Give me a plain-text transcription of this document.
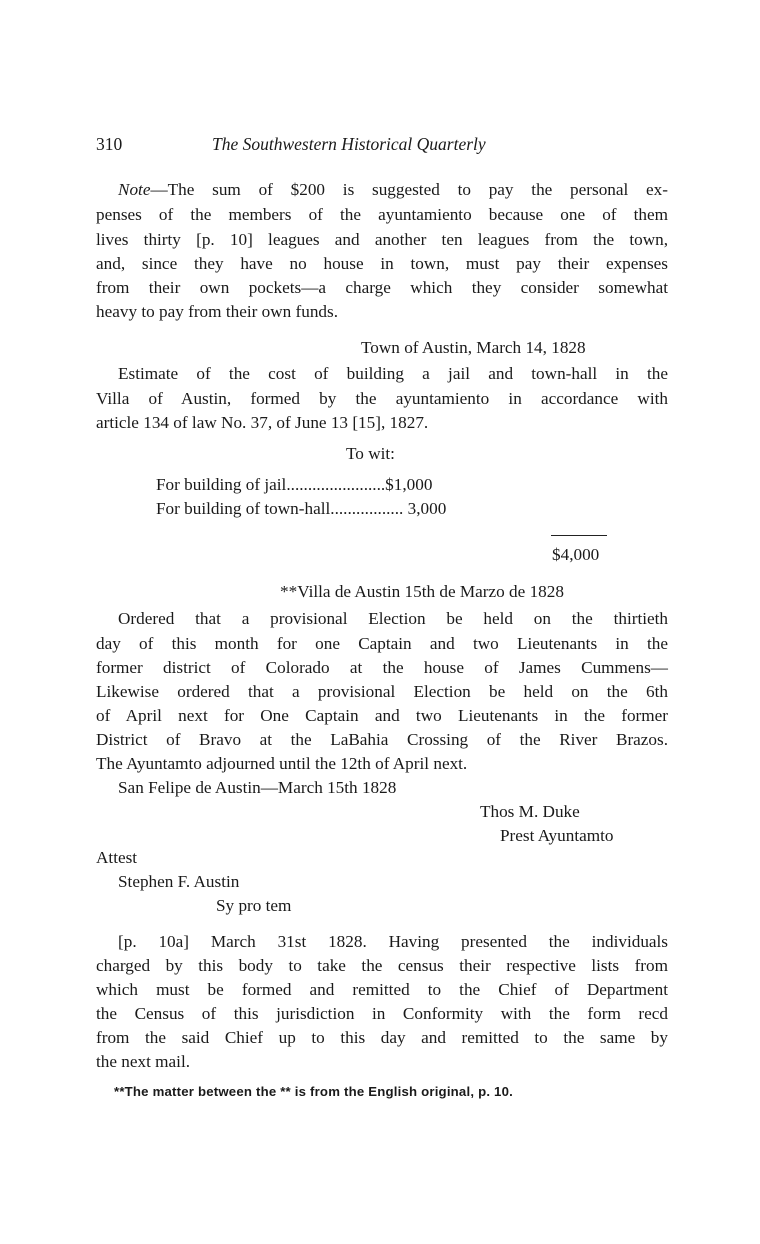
310	The Southwestern Historical Quarterly
Note—The sum of $200 is suggested to pay the personal ex-
penses of the members of the ayuntamiento because one of them
lives thirty [p. 10] leagues and another ten leagues from the town,
and, since they have no house in town, must pay their expenses
from their own pockets—a charge which they consider somewhat
heavy to pay from their own funds.
Town of Austin, March 14, 1828
Estimate of the cost of building a jail and town-hall in the
Villa of Austin, formed by the ayuntamiento in accordance with
article 134 of law No. 37, of June 13 [15], 1827.
To wit:
For building of jail.......................$1,000
For building of town-hall................. 3,000
$4,000
**Villa de Austin 15th de Marzo de 1828
Ordered that a provisional Election be held on the thirtieth
day of this month for one Captain and two Lieutenants in the
former district of Colorado at the house of James Cummens—
Likewise ordered that a provisional Election be held on the 6th
of April next for One Captain and two Lieutenants in the former
District of Bravo at the LaBahia Crossing of the River Brazos.
The Ayuntamto adjourned until the 12th of April next.
San Felipe de Austin—March 15th 1828
Thos M. Duke
Prest Ayuntamto
Attest
Stephen F. Austin
Sy pro tem
[p. 10a] March 31st 1828. Having presented the individuals
charged by this body to take the census their respective lists from
which must be formed and remitted to the Chief of Department
the Census of this jurisdiction in Conformity with the form recd
from the said Chief up to this day and remitted to the same by
the next mail.
**The matter between the ** is from the English original, p. 10.
